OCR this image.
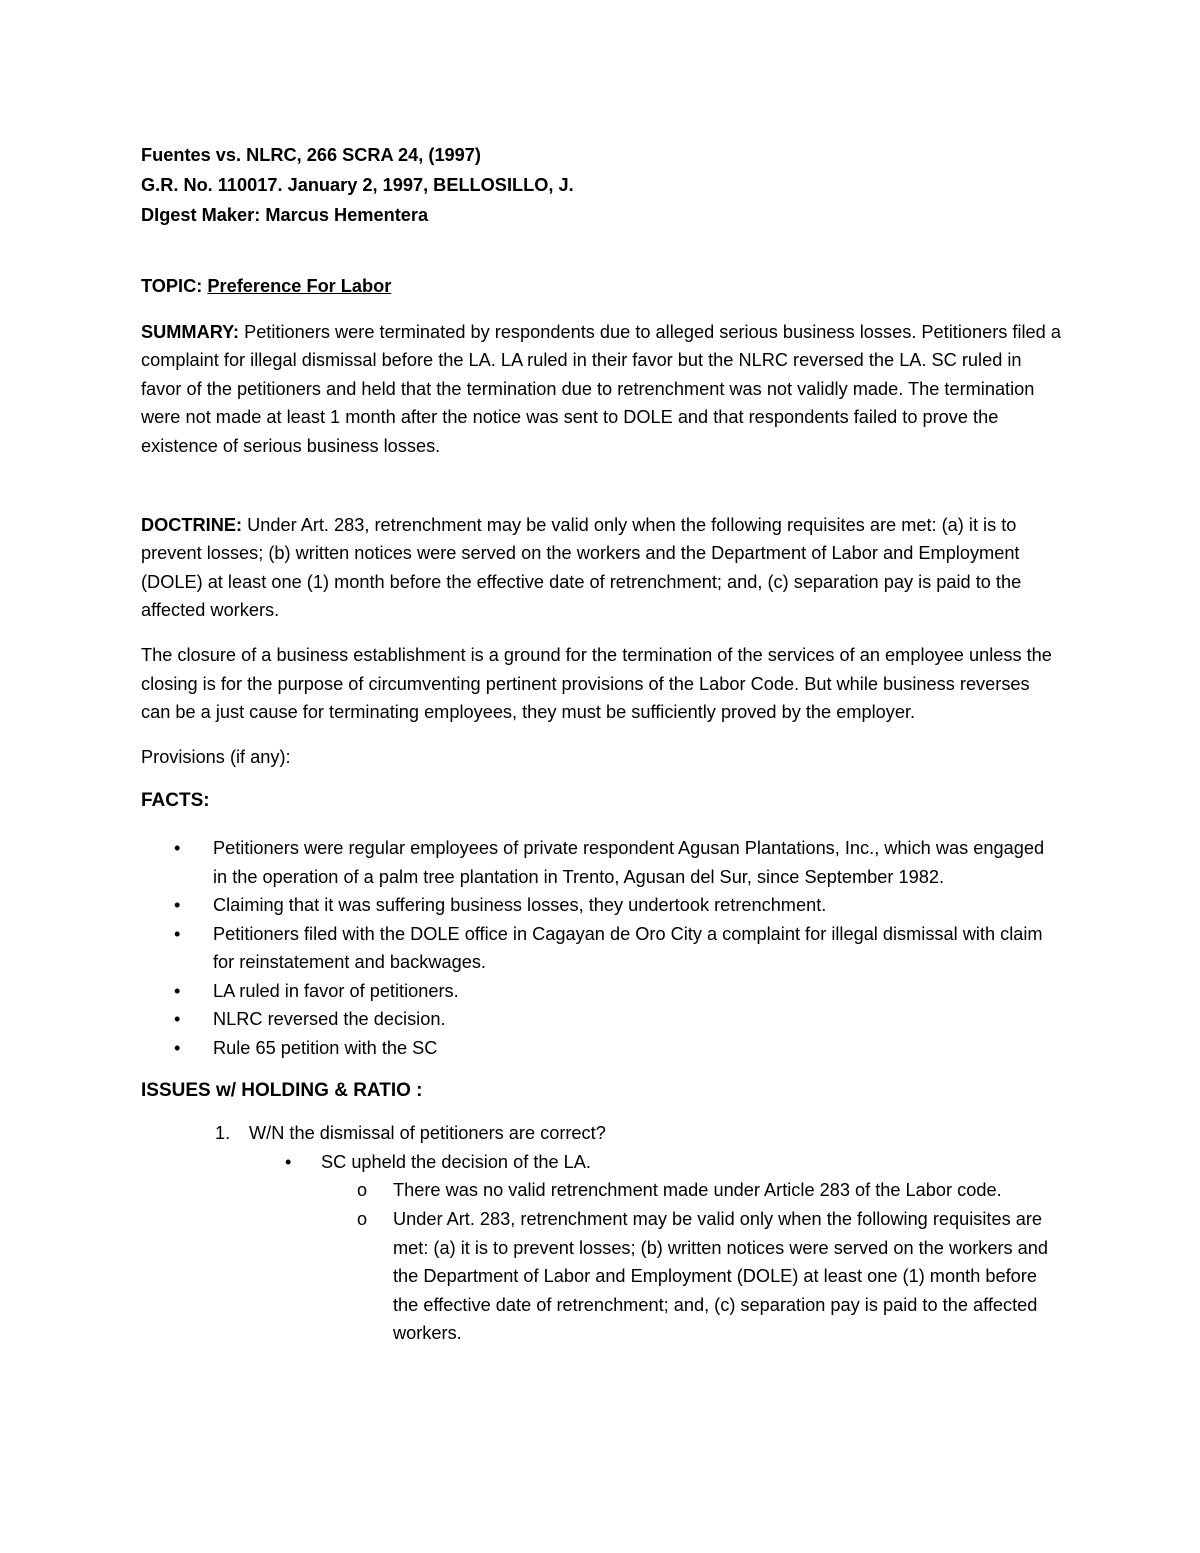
Fuentes vs. NLRC, 266 SCRA 24, (1997)
G.R. No. 110017. January 2, 1997, BELLOSILLO, J.
DIgest Maker: Marcus Hementera
TOPIC: Preference For Labor
SUMMARY: Petitioners were terminated by respondents due to alleged serious business losses. Petitioners filed a complaint for illegal dismissal before the LA. LA ruled in their favor but the NLRC reversed the LA. SC ruled in favor of the petitioners and held that the termination due to retrenchment was not validly made. The termination were not made at least 1 month after the notice was sent to DOLE and that respondents failed to prove the existence of serious business losses.
DOCTRINE: Under Art. 283, retrenchment may be valid only when the following requisites are met: (a) it is to prevent losses; (b) written notices were served on the workers and the Department of Labor and Employment (DOLE) at least one (1) month before the effective date of retrenchment; and, (c) separation pay is paid to the affected workers.
The closure of a business establishment is a ground for the termination of the services of an employee unless the closing is for the purpose of circumventing pertinent provisions of the Labor Code. But while business reverses can be a just cause for terminating employees, they must be sufficiently proved by the employer.
Provisions (if any):
FACTS:
• Petitioners were regular employees of private respondent Agusan Plantations, Inc., which was engaged in the operation of a palm tree plantation in Trento, Agusan del Sur, since September 1982.
• Claiming that it was suffering business losses, they undertook retrenchment.
• Petitioners filed with the DOLE office in Cagayan de Oro City a complaint for illegal dismissal with claim for reinstatement and backwages.
• LA ruled in favor of petitioners.
• NLRC reversed the decision.
• Rule 65 petition with the SC
ISSUES w/ HOLDING & RATIO :
1. W/N the dismissal of petitioners are correct?
• SC upheld the decision of the LA.
o There was no valid retrenchment made under Article 283 of the Labor code.
o Under Art. 283, retrenchment may be valid only when the following requisites are met: (a) it is to prevent losses; (b) written notices were served on the workers and the Department of Labor and Employment (DOLE) at least one (1) month before the effective date of retrenchment; and, (c) separation pay is paid to the affected workers.
